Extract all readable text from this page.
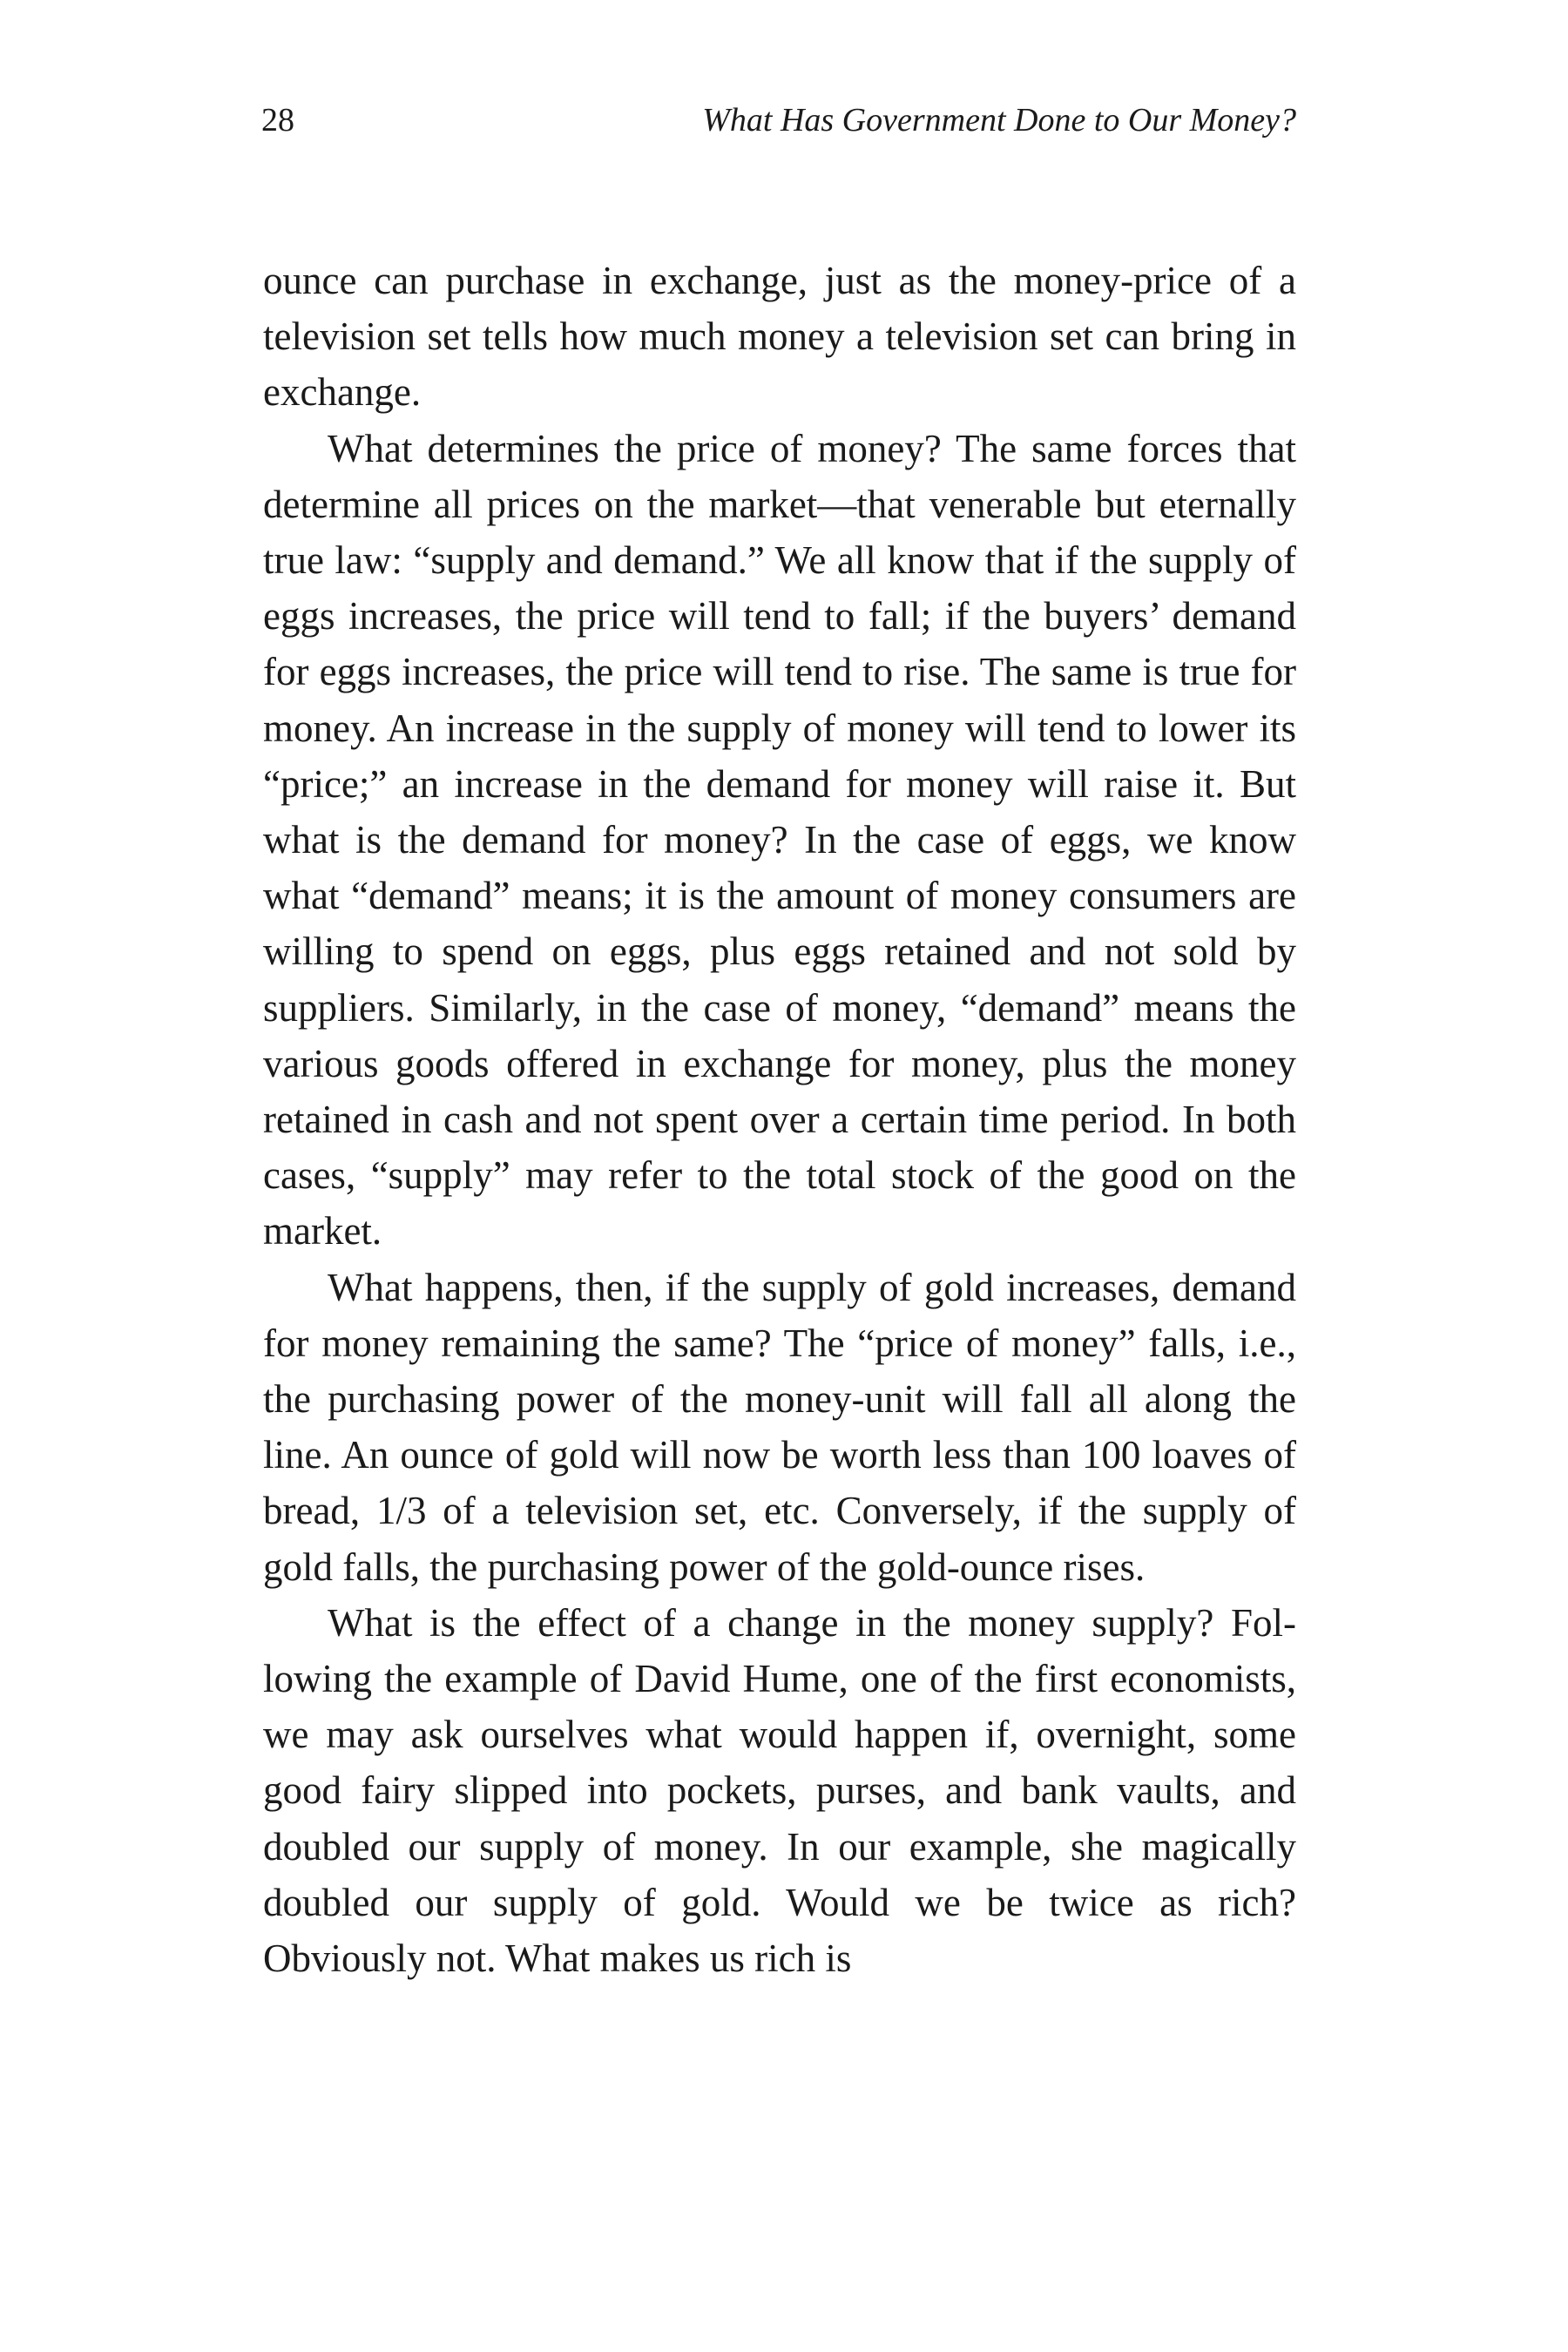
28	What Has Government Done to Our Money?

ounce can purchase in exchange, just as the money-price of a television set tells how much money a television set can bring in exchange.

What determines the price of money? The same forces that determine all prices on the market—that venerable but eternally true law: “supply and demand.” We all know that if the supply of eggs increases, the price will tend to fall; if the buyers’ demand for eggs increases, the price will tend to rise. The same is true for money. An increase in the supply of money will tend to lower its “price;” an increase in the demand for money will raise it. But what is the demand for money? In the case of eggs, we know what “demand” means; it is the amount of money consumers are willing to spend on eggs, plus eggs retained and not sold by suppliers. Similarly, in the case of money, “demand” means the various goods offered in exchange for money, plus the money retained in cash and not spent over a certain time period. In both cases, “supply” may refer to the total stock of the good on the market.

What happens, then, if the supply of gold increases, demand for money remaining the same? The “price of money” falls, i.e., the purchasing power of the money-unit will fall all along the line. An ounce of gold will now be worth less than 100 loaves of bread, 1/3 of a television set, etc. Conversely, if the supply of gold falls, the purchasing power of the gold-ounce rises.

What is the effect of a change in the money supply? Following the example of David Hume, one of the first economists, we may ask ourselves what would happen if, overnight, some good fairy slipped into pockets, purses, and bank vaults, and doubled our supply of money. In our example, she magically doubled our supply of gold. Would we be twice as rich? Obviously not. What makes us rich is
